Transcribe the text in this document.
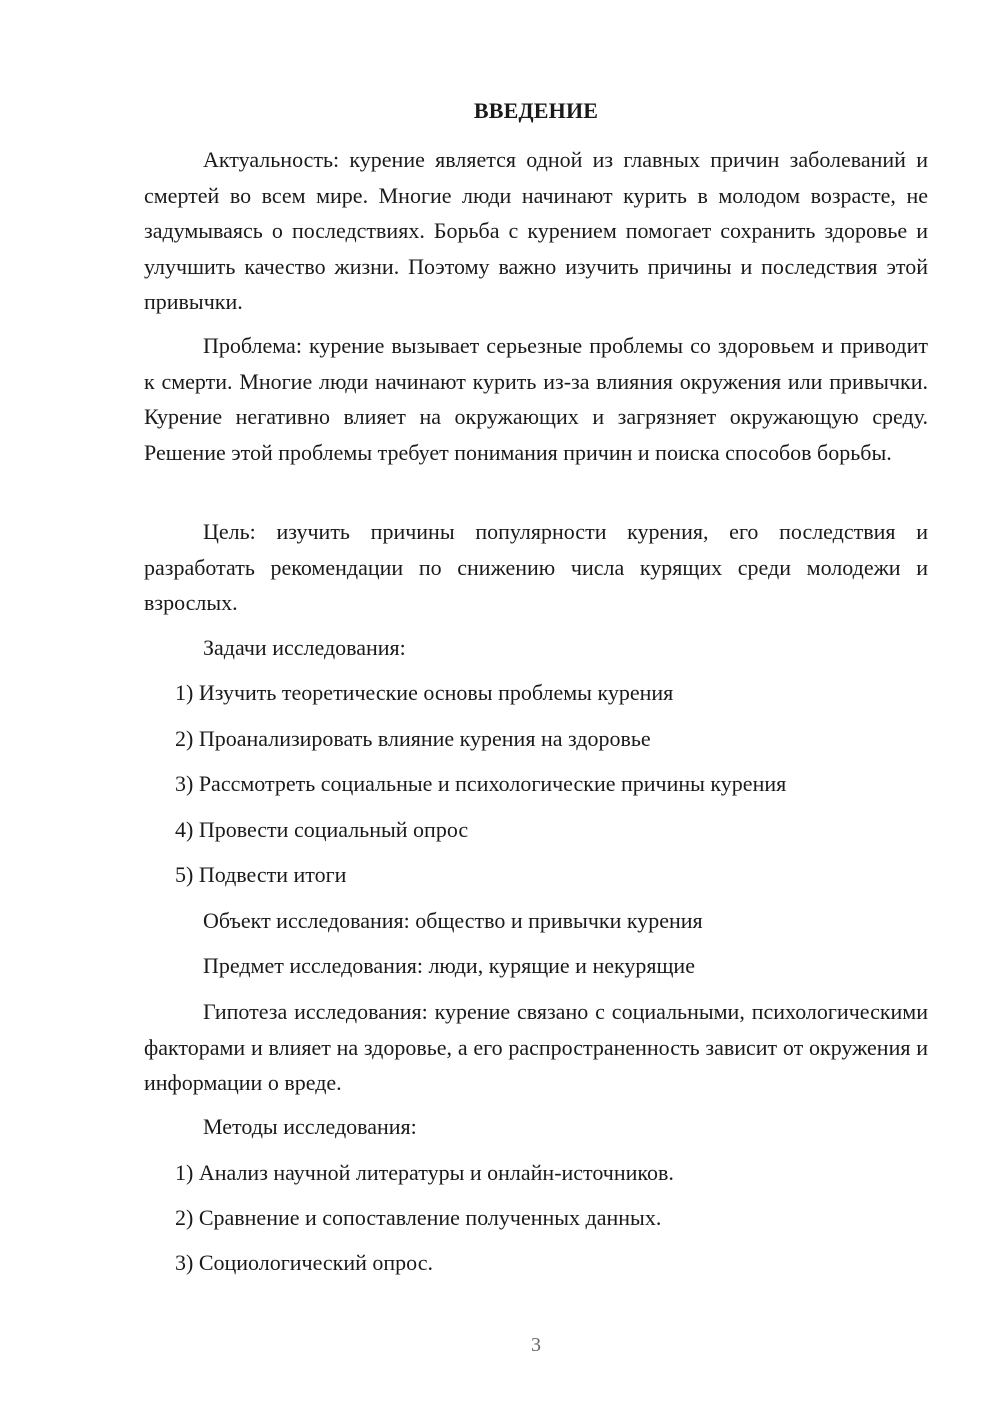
ВВЕДЕНИЕ

Актуальность: курение является одной из главных причин заболеваний и смертей во всем мире. Многие люди начинают курить в молодом возрасте, не задумываясь о последствиях. Борьба с курением помогает сохранить здоровье и улучшить качество жизни. Поэтому важно изучить причины и последствия этой привычки.

Проблема: курение вызывает серьезные проблемы со здоровьем и приводит к смерти. Многие люди начинают курить из-за влияния окружения или привычки. Курение негативно влияет на окружающих и загрязняет окружающую среду. Решение этой проблемы требует понимания причин и поиска способов борьбы.

Цель: изучить причины популярности курения, его последствия и разработать рекомендации по снижению числа курящих среди молодежи и взрослых.

Задачи исследования:

1) Изучить теоретические основы проблемы курения

2) Проанализировать влияние курения на здоровье

3) Рассмотреть социальные и психологические причины курения

4) Провести социальный опрос

5) Подвести итоги

Объект исследования: общество и привычки курения

Предмет исследования: люди, курящие и некурящие

Гипотеза исследования: курение связано с социальными, психологическими факторами и влияет на здоровье, а его распространенность зависит от окружения и информации о вреде.

Методы исследования:

1) Анализ научной литературы и онлайн-источников.

2) Сравнение и сопоставление полученных данных.

3) Социологический опрос.

3
